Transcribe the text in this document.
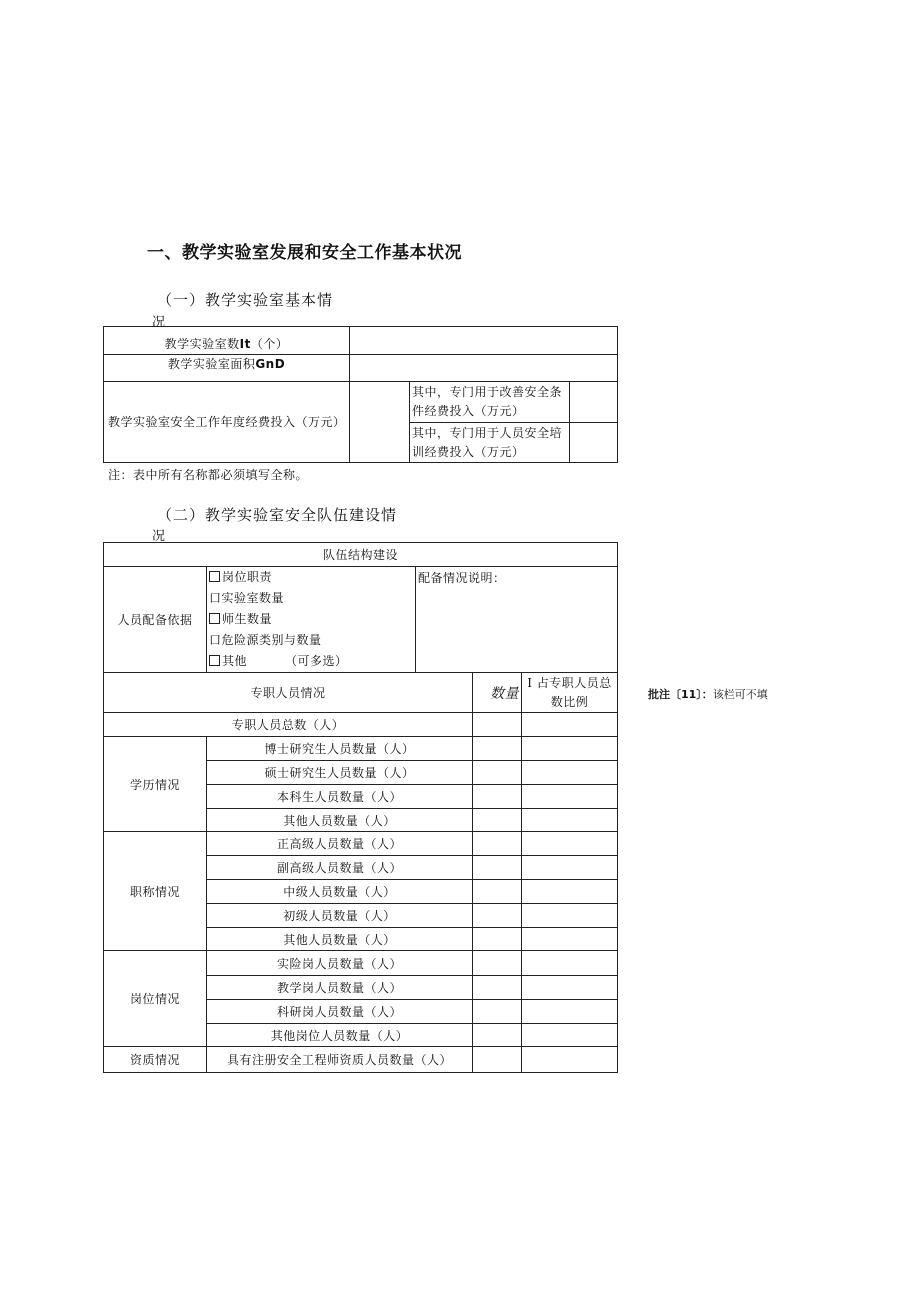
一、教学实验室发展和安全工作基本状况
（一）教学实验室基本情
况
教学实验室数It（个）			
教学实验室面积GnD			
教学实验室安全工作年度经费投入（万元）		其中，专门用于改善安全条件经费投入（万元）	
		其中，专门用于人员安全培训经费投入（万元）	
注：表中所有名称都必须填写全称。
（二）教学实验室安全队伍建设情
况
队伍结构建设				
人员配备依据	岗位职责
口实验室数量
师生数量
口危险源类别与数量
其他 （可多选）	配备情况说明：		
专职人员情况			数量	I 占专职人员总数比例
专职人员总数（人）				
学历情况	博士研究生人员数量（人）			
	硕士研究生人员数量（人）			
	本科生人员数量（人）			
	其他人员数量（人）			
职称情况	正高级人员数量（人）			
	副高级人员数量（人）			
	中级人员数量（人）			
	初级人员数量（人）			
	其他人员数量（人）			
岗位情况	实险岗人员数量（人）			
	教学岗人员数量（人）			
	科研岗人员数量（人）			
	其他岗位人员数量（人）			
资质情况	具有注册安全工程师资质人员数量（人）			
批注〔11〕：该栏可不填
